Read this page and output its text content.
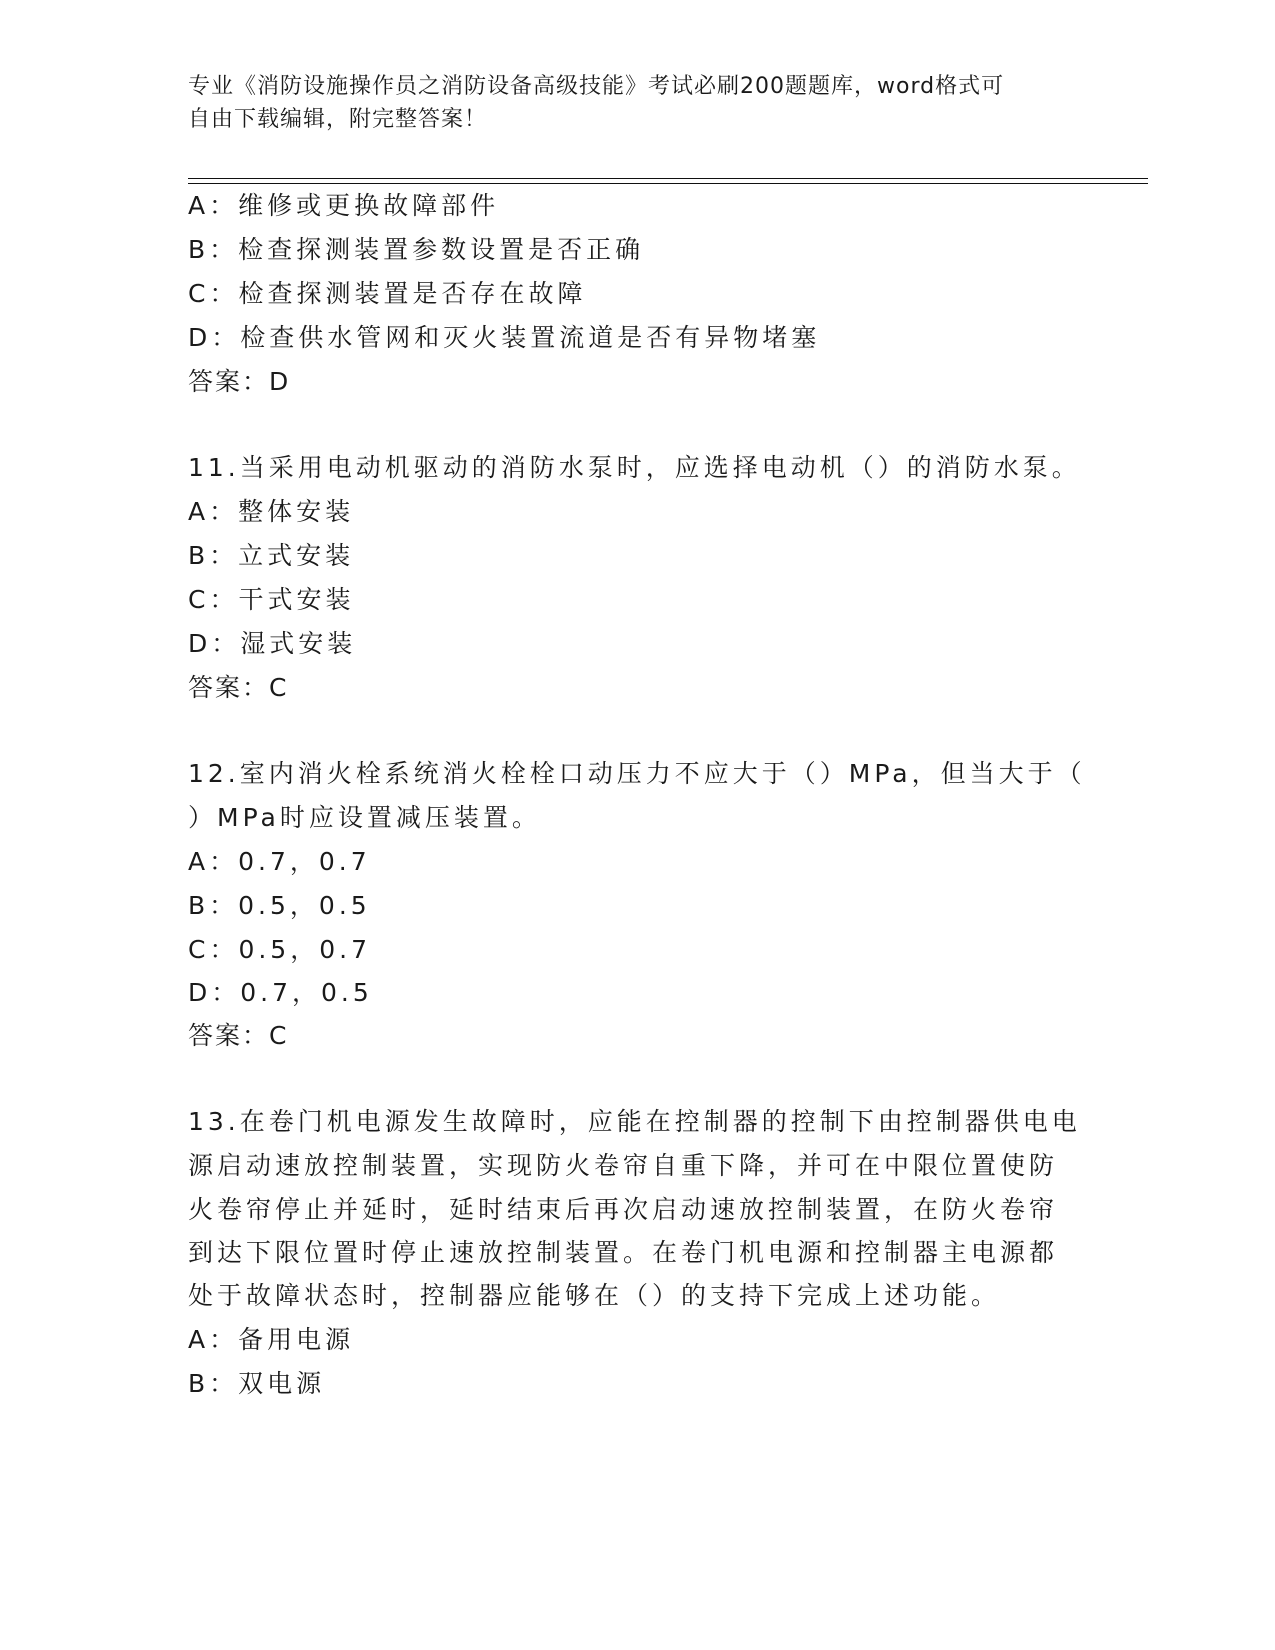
专业《消防设施操作员之消防设备高级技能》考试必刷200题题库，word格式可
自由下载编辑，附完整答案！
A：维修或更换故障部件
B：检查探测装置参数设置是否正确
C：检查探测装置是否存在故障
D：检查供水管网和灭火装置流道是否有异物堵塞
答案：D
11.当采用电动机驱动的消防水泵时，应选择电动机（）的消防水泵。
A：整体安装
B：立式安装
C：干式安装
D：湿式安装
答案：C
12.室内消火栓系统消火栓栓口动压力不应大于（）MPa，但当大于（
）MPa时应设置减压装置。
A：0.7，0.7
B：0.5，0.5
C：0.5，0.7
D：0.7，0.5
答案：C
13.在卷门机电源发生故障时，应能在控制器的控制下由控制器供电电
源启动速放控制装置，实现防火卷帘自重下降，并可在中限位置使防
火卷帘停止并延时，延时结束后再次启动速放控制装置，在防火卷帘
到达下限位置时停止速放控制装置。在卷门机电源和控制器主电源都
处于故障状态时，控制器应能够在（）的支持下完成上述功能。
A：备用电源
B：双电源
